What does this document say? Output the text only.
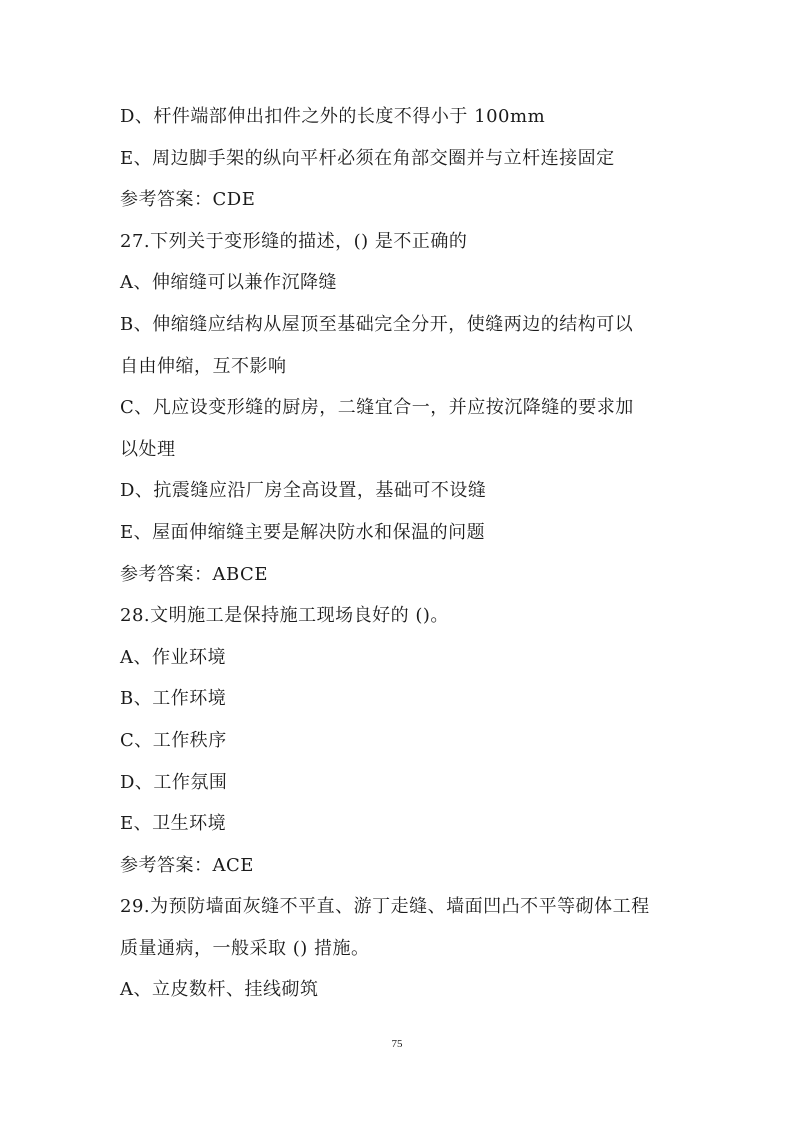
D、杆件端部伸出扣件之外的长度不得小于 100mm
E、周边脚手架的纵向平杆必须在角部交圈并与立杆连接固定
参考答案：CDE
27.下列关于变形缝的描述，() 是不正确的
A、伸缩缝可以兼作沉降缝
B、伸缩缝应结构从屋顶至基础完全分开，使缝两边的结构可以
自由伸缩，互不影响
C、凡应设变形缝的厨房，二缝宜合一，并应按沉降缝的要求加
以处理
D、抗震缝应沿厂房全高设置，基础可不设缝
E、屋面伸缩缝主要是解决防水和保温的问题
参考答案：ABCE
28.文明施工是保持施工现场良好的 ()。
A、作业环境
B、工作环境
C、工作秩序
D、工作氛围
E、卫生环境
参考答案：ACE
29.为预防墙面灰缝不平直、游丁走缝、墙面凹凸不平等砌体工程
质量通病，一般采取 () 措施。
A、立皮数杆、挂线砌筑
75
